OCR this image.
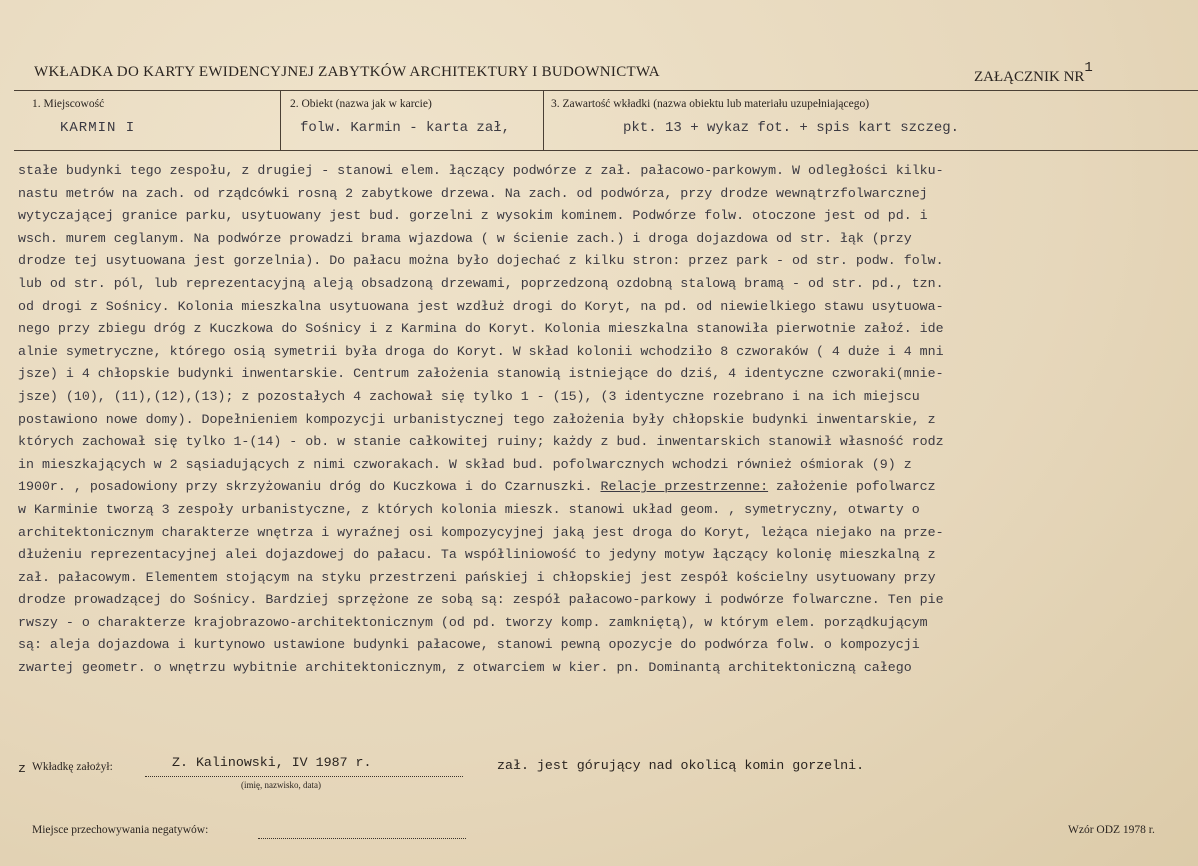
WKŁADKA DO KARTY EWIDENCYJNEJ ZABYTKÓW ARCHITEKTURY I BUDOWNICTWA	ZAŁĄCZNIK $NR^1$
1. Miejscowość
KARMIN I
2. Obiekt (nazwa jak w karcie)
folw. Karmin - karta zał,
3. Zawartość wkładki (nazwa obiektu lub materiału uzupełniającego)
pkt. 13 + wykaz fot. + spis kart szczeg.
stałe budynki tego zespołu, z drugiej - stanowi elem. łączący podwórze z zał. pałacowo-parkowym. W odległości kilku-
nastu metrów na zach. od rządcówki rosną 2 zabytkowe drzewa. Na zach. od podwórza, przy drodze wewnątrzfolwarcznej
wytyczającej granice parku, usytuowany jest bud. gorzelni z wysokim kominem. Podwórze folw. otoczone jest od pd. i
wsch. murem ceglanym. Na podwórze prowadzi brama wjazdowa ( w ścienie zach.) i droga dojazdowa od str. łąk (przy
drodze tej usytuowana jest gorzelnia). Do pałacu można było dojechać z kilku stron: przez park - od str. podw. folw.
lub od str. pól, lub reprezentacyjną aleją obsadzoną drzewami, poprzedzoną ozdobną stalową bramą - od str. pd., tzn.
od drogi z Sośnicy. Kolonia mieszkalna usytuowana jest wzdłuż drogi do Koryt, na pd. od niewielkiego stawu usytuowa-
nego przy zbiegu dróg z Kuczkowa do Sośnicy i z Karmina do Koryt. Kolonia mieszkalna stanowiła pierwotnie załoź. ide
alnie symetryczne, którego osią symetrii była droga do Koryt. W skład kolonii wchodziło 8 czworaków ( 4 duże i 4 mni
jsze) i 4 chłopskie budynki inwentarskie. Centrum założenia stanowią istniejące do dziś, 4 identyczne czworaki(mnie-
jsze) (10), (11),(12),(13); z pozostałych 4 zachował się tylko 1 - (15), (3 identyczne rozebrano i na ich miejscu
postawiono nowe domy). Dopełnieniem kompozycji urbanistycznej tego założenia były chłopskie budynki inwentarskie, z
których zachował się tylko 1-(14) - ob. w stanie całkowitej ruiny; każdy z bud. inwentarskich stanowił własność rodz
in mieszkających w 2 sąsiadujących z nimi czworakach. W skład bud. pofolwarcznych wchodzi również ośmiorak (9) z
1900r. , posadowiony przy skrzyżowaniu dróg do Kuczkowa i do Czarnuszki. Relacje przestrzenne: założenie pofolwarcz
w Karminie tworzą 3 zespoły urbanistyczne, z których kolonia mieszk. stanowi układ geom. , symetryczny, otwarty o
architektonicznym charakterze wnętrza i wyraźnej osi kompozycyjnej jaką jest droga do Koryt, leżąca niejako na prze-
dłużeniu reprezentacyjnej alei dojazdowej do pałacu. Ta współliniowość to jedyny motyw łączący kolonię mieszkalną z
zał. pałacowym. Elementem stojącym na styku przestrzeni pańskiej i chłopskiej jest zespół kościelny usytuowany przy
drodze prowadzącej do Sośnicy. Bardziej sprzężone ze sobą są: zespół pałacowo-parkowy i podwórze folwarczne. Ten pie
rwszy - o charakterze krajobrazowo-architektonicznym (od pd. tworzy komp. zamkniętą), w którym elem. porządkującym
są: aleja dojazdowa i kurtynowo ustawione budynki pałacowe, stanowi pewną opozycje do podwórza folw. o kompozycji
zwartej geometr. o wnętrzu wybitnie architektonicznym, z otwarciem w kier. pn. Dominantą architektoniczną całego
z Wkładkę założył:	Z. Kalinowski, IV 1987 r.
(imię, nazwisko, data)
zał. jest górujący nad okolicą komin gorzelni.
Miejsce przechowywania negatywów:	Wzór ODZ 1978 r.
